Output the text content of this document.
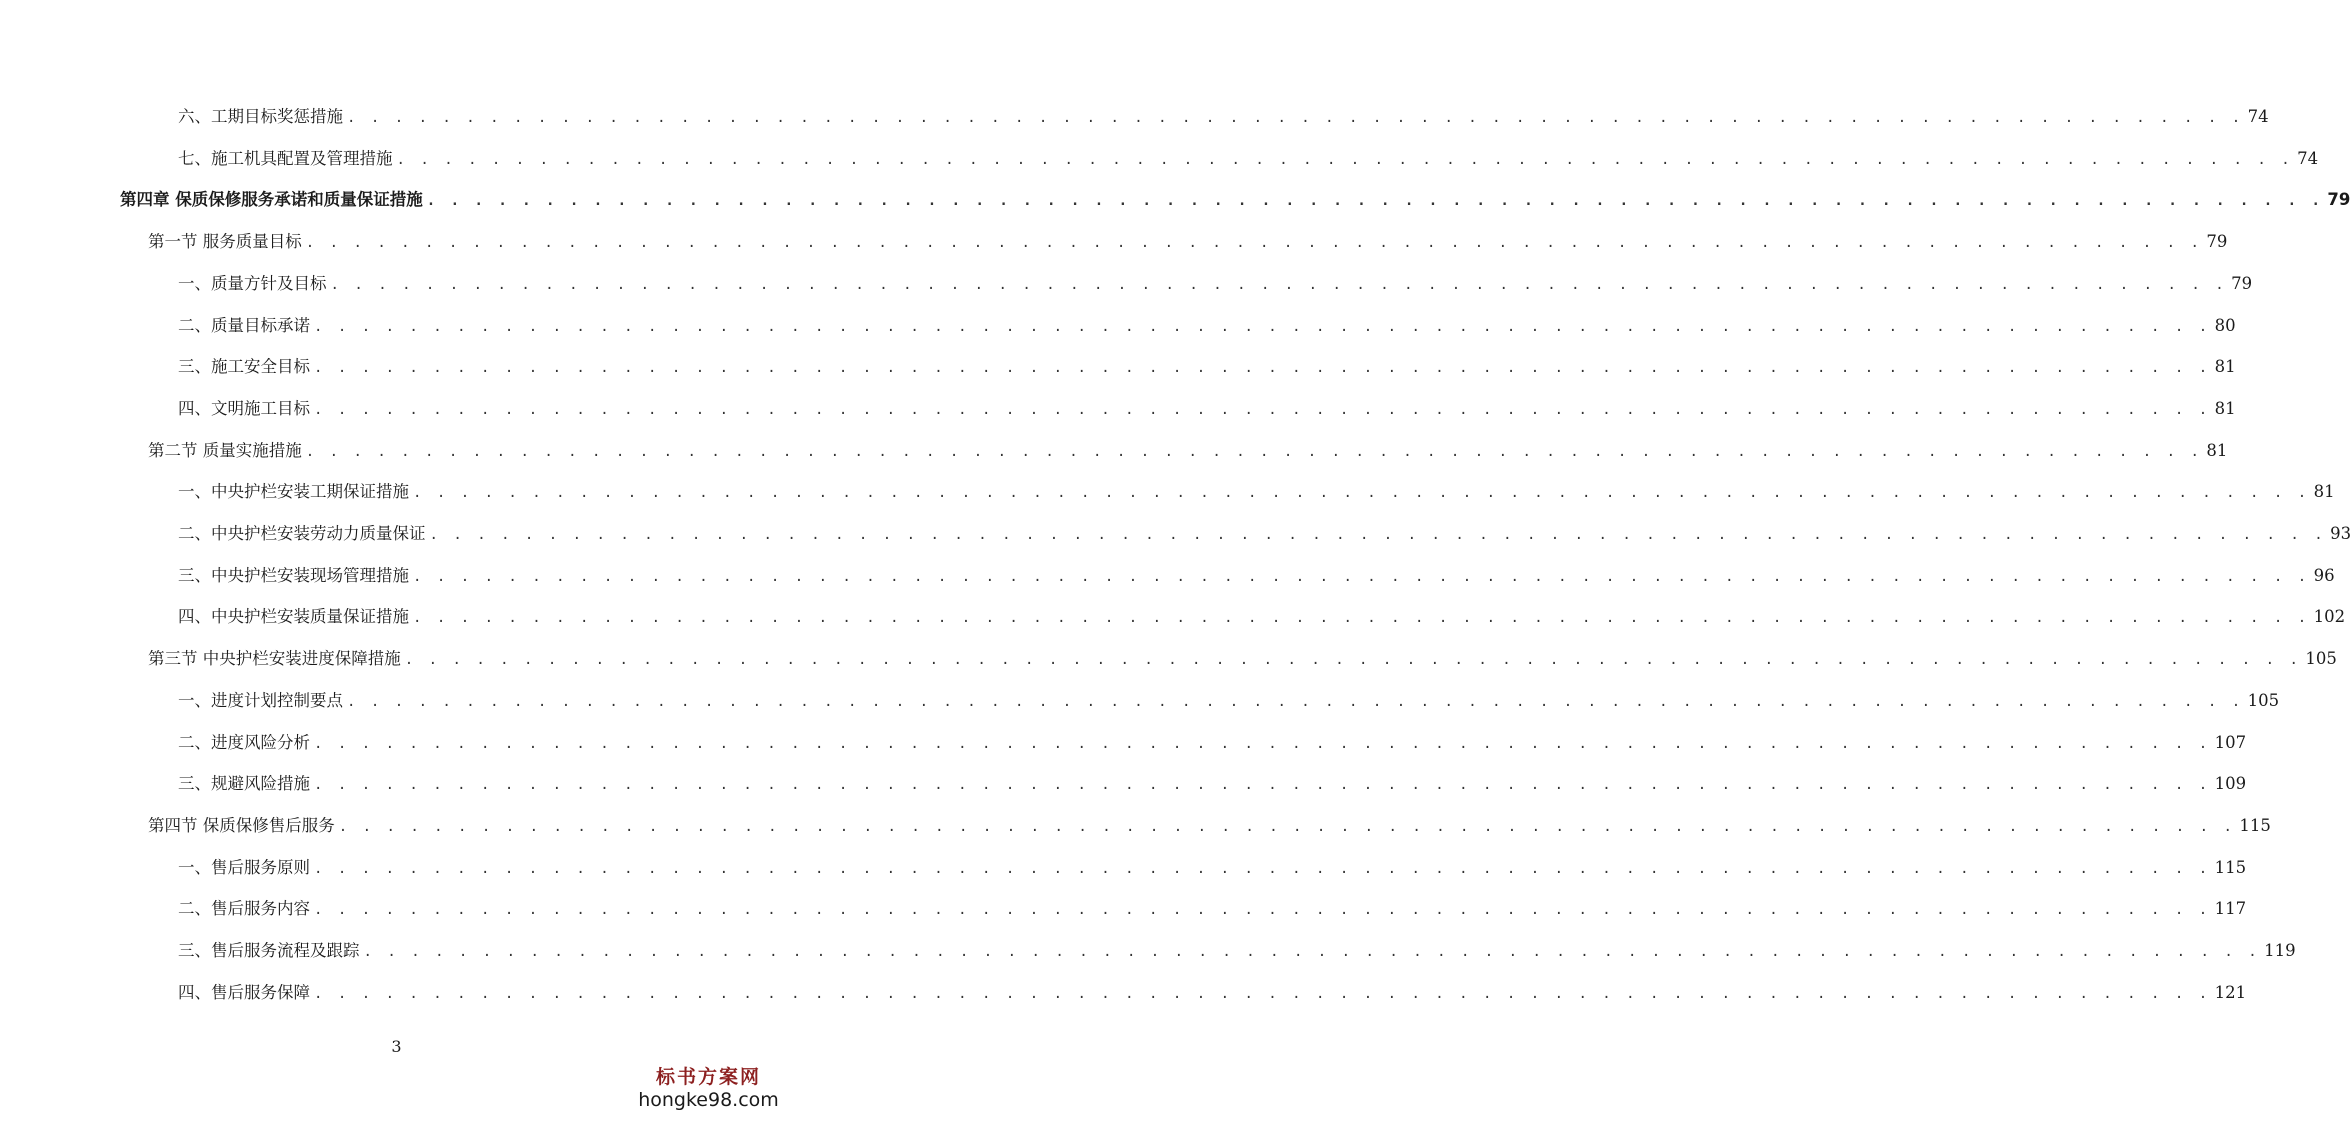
六、工期目标奖惩措施 . . . . . . . . . . . . . . . . . . . . . . . . . . . . . . . . . . . . . . . . . . . . . . . . . . . . . . . . . . . . . . . . . . . . . . . . . . . . . . . . 74
七、施工机具配置及管理措施 . . . . . . . . . . . . . . . . . . . . . . . . . . . . . . . . . . . . . . . . . . . . . . . . . . . . . . . . . . . . . . . . . . . . . . . . . . . . . . . . 74
第四章 保质保修服务承诺和质量保证措施 . . . . . . . . . . . . . . . . . . . . . . . . . . . . . . . . . . . . . . . . . . . . . . . . . . . . . . . . . . . . . . . . . . . . . . . . . . . . . . . . 79
第一节 服务质量目标 . . . . . . . . . . . . . . . . . . . . . . . . . . . . . . . . . . . . . . . . . . . . . . . . . . . . . . . . . . . . . . . . . . . . . . . . . . . . . . . . 79
一、质量方针及目标 . . . . . . . . . . . . . . . . . . . . . . . . . . . . . . . . . . . . . . . . . . . . . . . . . . . . . . . . . . . . . . . . . . . . . . . . . . . . . . . . 79
二、质量目标承诺 . . . . . . . . . . . . . . . . . . . . . . . . . . . . . . . . . . . . . . . . . . . . . . . . . . . . . . . . . . . . . . . . . . . . . . . . . . . . . . . . 80
三、施工安全目标 . . . . . . . . . . . . . . . . . . . . . . . . . . . . . . . . . . . . . . . . . . . . . . . . . . . . . . . . . . . . . . . . . . . . . . . . . . . . . . . . 81
四、文明施工目标 . . . . . . . . . . . . . . . . . . . . . . . . . . . . . . . . . . . . . . . . . . . . . . . . . . . . . . . . . . . . . . . . . . . . . . . . . . . . . . . . 81
第二节 质量实施措施 . . . . . . . . . . . . . . . . . . . . . . . . . . . . . . . . . . . . . . . . . . . . . . . . . . . . . . . . . . . . . . . . . . . . . . . . . . . . . . . . 81
一、中央护栏安装工期保证措施 . . . . . . . . . . . . . . . . . . . . . . . . . . . . . . . . . . . . . . . . . . . . . . . . . . . . . . . . . . . . . . . . . . . . . . . . . . . . . . . . 81
二、中央护栏安装劳动力质量保证 . . . . . . . . . . . . . . . . . . . . . . . . . . . . . . . . . . . . . . . . . . . . . . . . . . . . . . . . . . . . . . . . . . . . . . . . . . . . . . . . 93
三、中央护栏安装现场管理措施 . . . . . . . . . . . . . . . . . . . . . . . . . . . . . . . . . . . . . . . . . . . . . . . . . . . . . . . . . . . . . . . . . . . . . . . . . . . . . . . . 96
四、中央护栏安装质量保证措施 . . . . . . . . . . . . . . . . . . . . . . . . . . . . . . . . . . . . . . . . . . . . . . . . . . . . . . . . . . . . . . . . . . . . . . . . . . . . . . . . 102
第三节 中央护栏安装进度保障措施 . . . . . . . . . . . . . . . . . . . . . . . . . . . . . . . . . . . . . . . . . . . . . . . . . . . . . . . . . . . . . . . . . . . . . . . . . . . . . . . . 105
一、进度计划控制要点 . . . . . . . . . . . . . . . . . . . . . . . . . . . . . . . . . . . . . . . . . . . . . . . . . . . . . . . . . . . . . . . . . . . . . . . . . . . . . . . . 105
二、进度风险分析 . . . . . . . . . . . . . . . . . . . . . . . . . . . . . . . . . . . . . . . . . . . . . . . . . . . . . . . . . . . . . . . . . . . . . . . . . . . . . . . . 107
三、规避风险措施 . . . . . . . . . . . . . . . . . . . . . . . . . . . . . . . . . . . . . . . . . . . . . . . . . . . . . . . . . . . . . . . . . . . . . . . . . . . . . . . . 109
第四节 保质保修售后服务 . . . . . . . . . . . . . . . . . . . . . . . . . . . . . . . . . . . . . . . . . . . . . . . . . . . . . . . . . . . . . . . . . . . . . . . . . . . . . . . . 115
一、售后服务原则 . . . . . . . . . . . . . . . . . . . . . . . . . . . . . . . . . . . . . . . . . . . . . . . . . . . . . . . . . . . . . . . . . . . . . . . . . . . . . . . . 115
二、售后服务内容 . . . . . . . . . . . . . . . . . . . . . . . . . . . . . . . . . . . . . . . . . . . . . . . . . . . . . . . . . . . . . . . . . . . . . . . . . . . . . . . . 117
三、售后服务流程及跟踪 . . . . . . . . . . . . . . . . . . . . . . . . . . . . . . . . . . . . . . . . . . . . . . . . . . . . . . . . . . . . . . . . . . . . . . . . . . . . . . . . 119
四、售后服务保障 . . . . . . . . . . . . . . . . . . . . . . . . . . . . . . . . . . . . . . . . . . . . . . . . . . . . . . . . . . . . . . . . . . . . . . . . . . . . . . . . 121
3
标书方案网
hongke98.com
